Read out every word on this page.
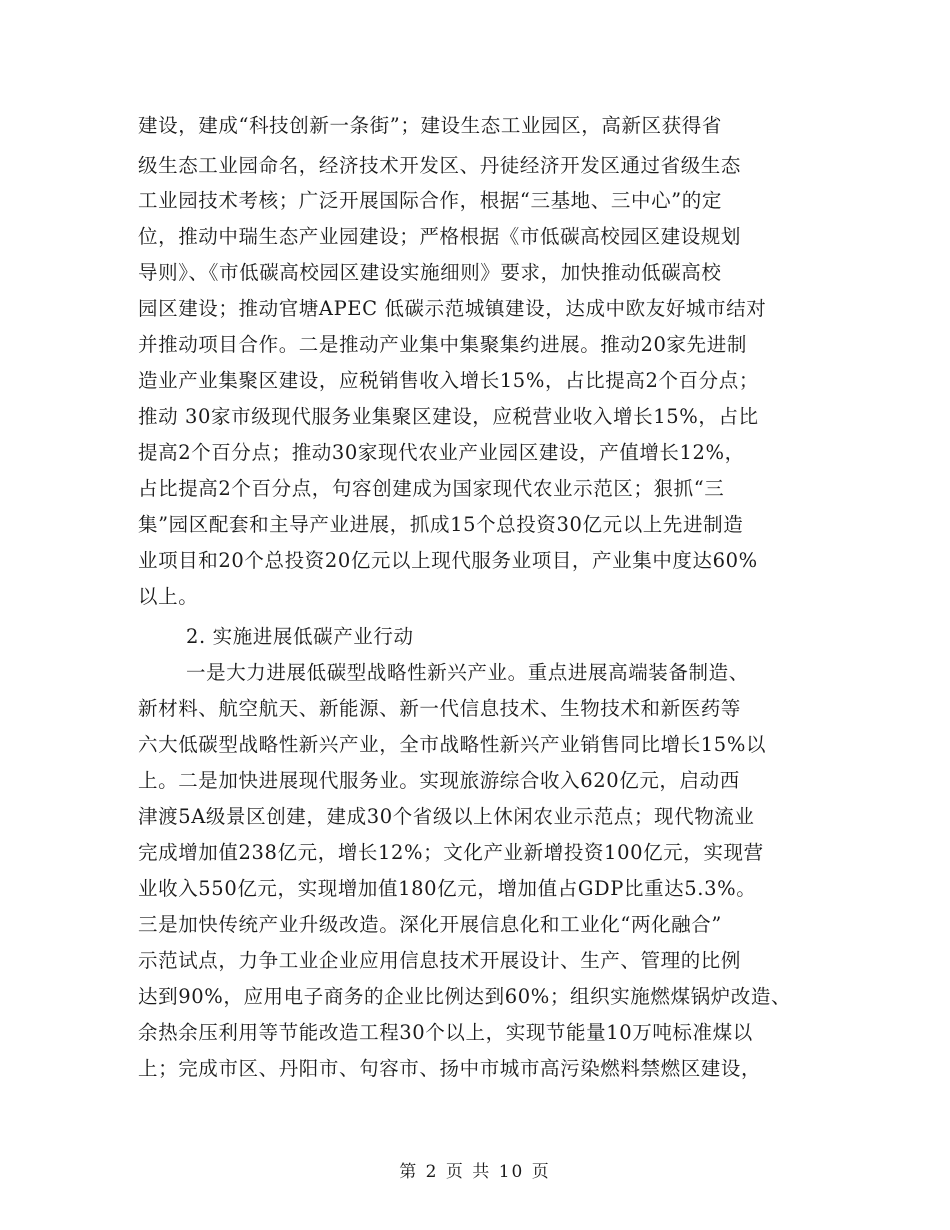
建设，建成“科技创新一条街”；建设生态工业园区，高新区获得省
级生态工业园命名，经济技术开发区、丹徒经济开发区通过省级生态
工业园技术考核；广泛开展国际合作，根据“三基地、三中心”的定
位，推动中瑞生态产业园建设；严格根据《市低碳高校园区建设规划
导则》、《市低碳高校园区建设实施细则》要求，加快推动低碳高校
园区建设；推动官塘APEC 低碳示范城镇建设，达成中欧友好城市结对
并推动项目合作。二是推动产业集中集聚集约进展。推动20家先进制
造业产业集聚区建设，应税销售收入增长15%，占比提高2个百分点；
推动 30家市级现代服务业集聚区建设，应税营业收入增长15%，占比
提高2个百分点；推动30家现代农业产业园区建设，产值增长12%，
占比提高2个百分点，句容创建成为国家现代农业示范区；狠抓“三
集”园区配套和主导产业进展，抓成15个总投资30亿元以上先进制造
业项目和20个总投资20亿元以上现代服务业项目，产业集中度达60%
以上。
2. 实施进展低碳产业行动
一是大力进展低碳型战略性新兴产业。重点进展高端装备制造、
新材料、航空航天、新能源、新一代信息技术、生物技术和新医药等
六大低碳型战略性新兴产业，全市战略性新兴产业销售同比增长15%以
上。二是加快进展现代服务业。实现旅游综合收入620亿元，启动西
津渡5A级景区创建，建成30个省级以上休闲农业示范点；现代物流业
完成增加值238亿元，增长12%；文化产业新增投资100亿元，实现营
业收入550亿元，实现增加值180亿元，增加值占GDP比重达5.3%。
三是加快传统产业升级改造。深化开展信息化和工业化“两化融合”
示范试点，力争工业企业应用信息技术开展设计、生产、管理的比例
达到90%，应用电子商务的企业比例达到60%；组织实施燃煤锅炉改造、
余热余压利用等节能改造工程30个以上，实现节能量10万吨标准煤以
上；完成市区、丹阳市、句容市、扬中市城市高污染燃料禁燃区建设，
第 2 页 共 10 页
